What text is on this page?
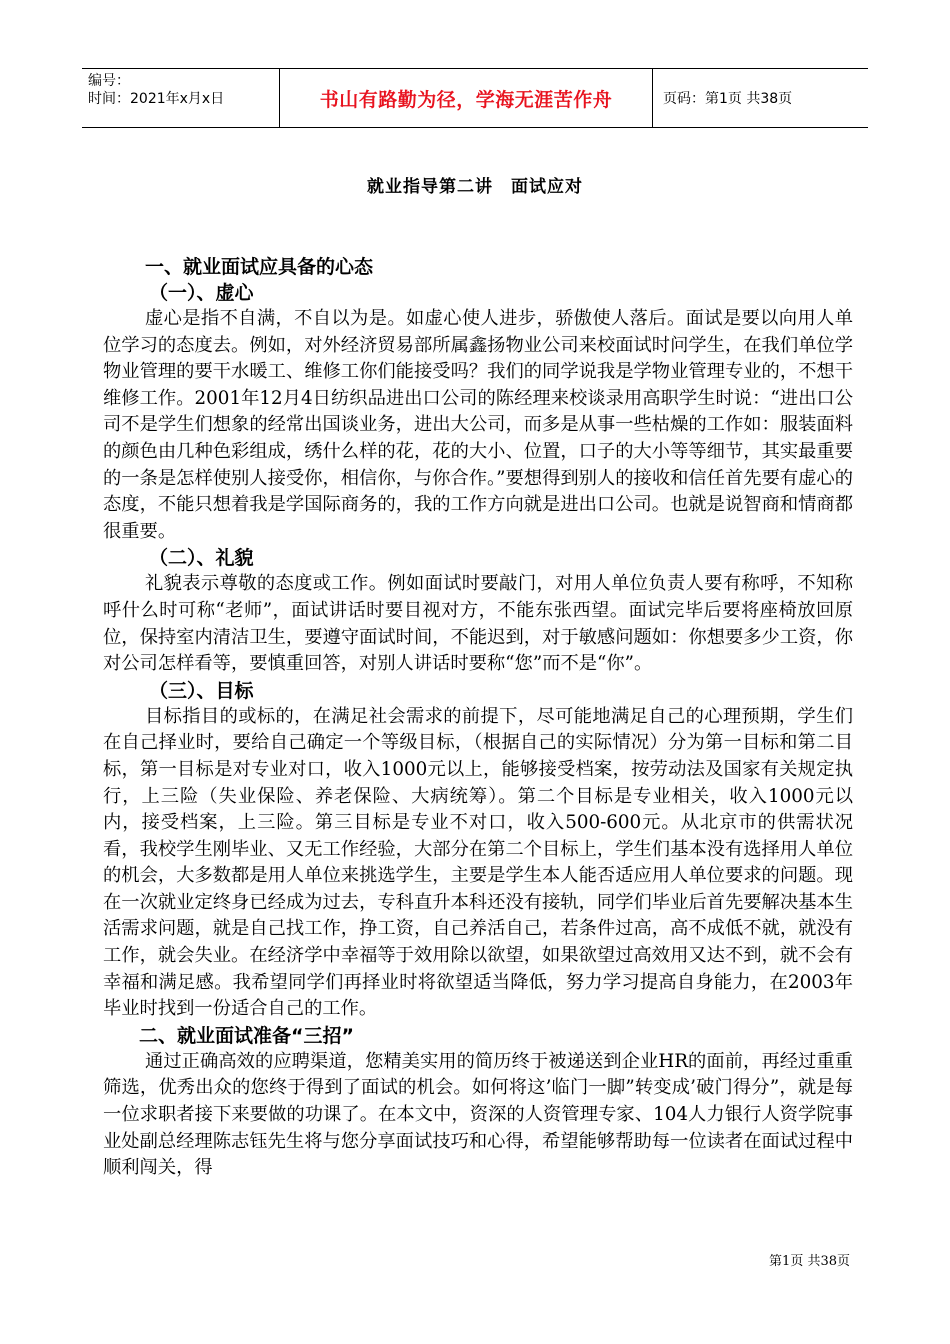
编号：
时间：2021年x月x日	书山有路勤为径，学海无涯苦作舟	页码：第1页 共38页
就业指导第二讲　面试应对

一、就业面试应具备的心态

（一）、虚心

虚心是指不自满，不自以为是。如虚心使人进步，骄傲使人落后。面试是要以向用人单位学习的态度去。例如，对外经济贸易部所属鑫扬物业公司来校面试时问学生，在我们单位学物业管理的要干水暖工、维修工你们能接受吗？我们的同学说我是学物业管理专业的，不想干维修工作。2001年12月4日纺织品进出口公司的陈经理来校谈录用高职学生时说：“进出口公司不是学生们想象的经常出国谈业务，进出大公司，而多是从事一些枯燥的工作如：服装面料的颜色由几种色彩组成，绣什么样的花，花的大小、位置，口子的大小等等细节，其实最重要的一条是怎样使别人接受你，相信你，与你合作。”要想得到别人的接收和信任首先要有虚心的态度，不能只想着我是学国际商务的，我的工作方向就是进出口公司。也就是说智商和情商都很重要。

（二）、礼貌

礼貌表示尊敬的态度或工作。例如面试时要敲门，对用人单位负责人要有称呼，不知称呼什么时可称“老师”，面试讲话时要目视对方，不能东张西望。面试完毕后要将座椅放回原位，保持室内清洁卫生，要遵守面试时间，不能迟到，对于敏感问题如：你想要多少工资，你对公司怎样看等，要慎重回答，对别人讲话时要称“您”而不是“你”。

（三）、目标

目标指目的或标的，在满足社会需求的前提下，尽可能地满足自己的心理预期，学生们在自己择业时，要给自己确定一个等级目标，（根据自己的实际情况）分为第一目标和第二目标，第一目标是对专业对口，收入1000元以上，能够接受档案，按劳动法及国家有关规定执行，上三险（失业保险、养老保险、大病统筹）。第二个目标是专业相关，收入1000元以内，接受档案，上三险。第三目标是专业不对口，收入500-600元。从北京市的供需状况看，我校学生刚毕业、又无工作经验，大部分在第二个目标上，学生们基本没有选择用人单位的机会，大多数都是用人单位来挑选学生，主要是学生本人能否适应用人单位要求的问题。现在一次就业定终身已经成为过去，专科直升本科还没有接轨，同学们毕业后首先要解决基本生活需求问题，就是自己找工作，挣工资，自己养活自己，若条件过高，高不成低不就，就没有工作，就会失业。在经济学中幸福等于效用除以欲望，如果欲望过高效用又达不到，就不会有幸福和满足感。我希望同学们再择业时将欲望适当降低，努力学习提高自身能力，在2003年毕业时找到一份适合自己的工作。

二、就业面试准备“三招”

通过正确高效的应聘渠道，您精美实用的简历终于被递送到企业HR的面前，再经过重重筛选，优秀出众的您终于得到了面试的机会。如何将这’临门一脚”转变成’破门得分”，就是每一位求职者接下来要做的功课了。在本文中，资深的人资管理专家、104人力银行人资学院事业处副总经理陈志钰先生将与您分享面试技巧和心得，希望能够帮助每一位读者在面试过程中顺利闯关，得

第1页 共38页
